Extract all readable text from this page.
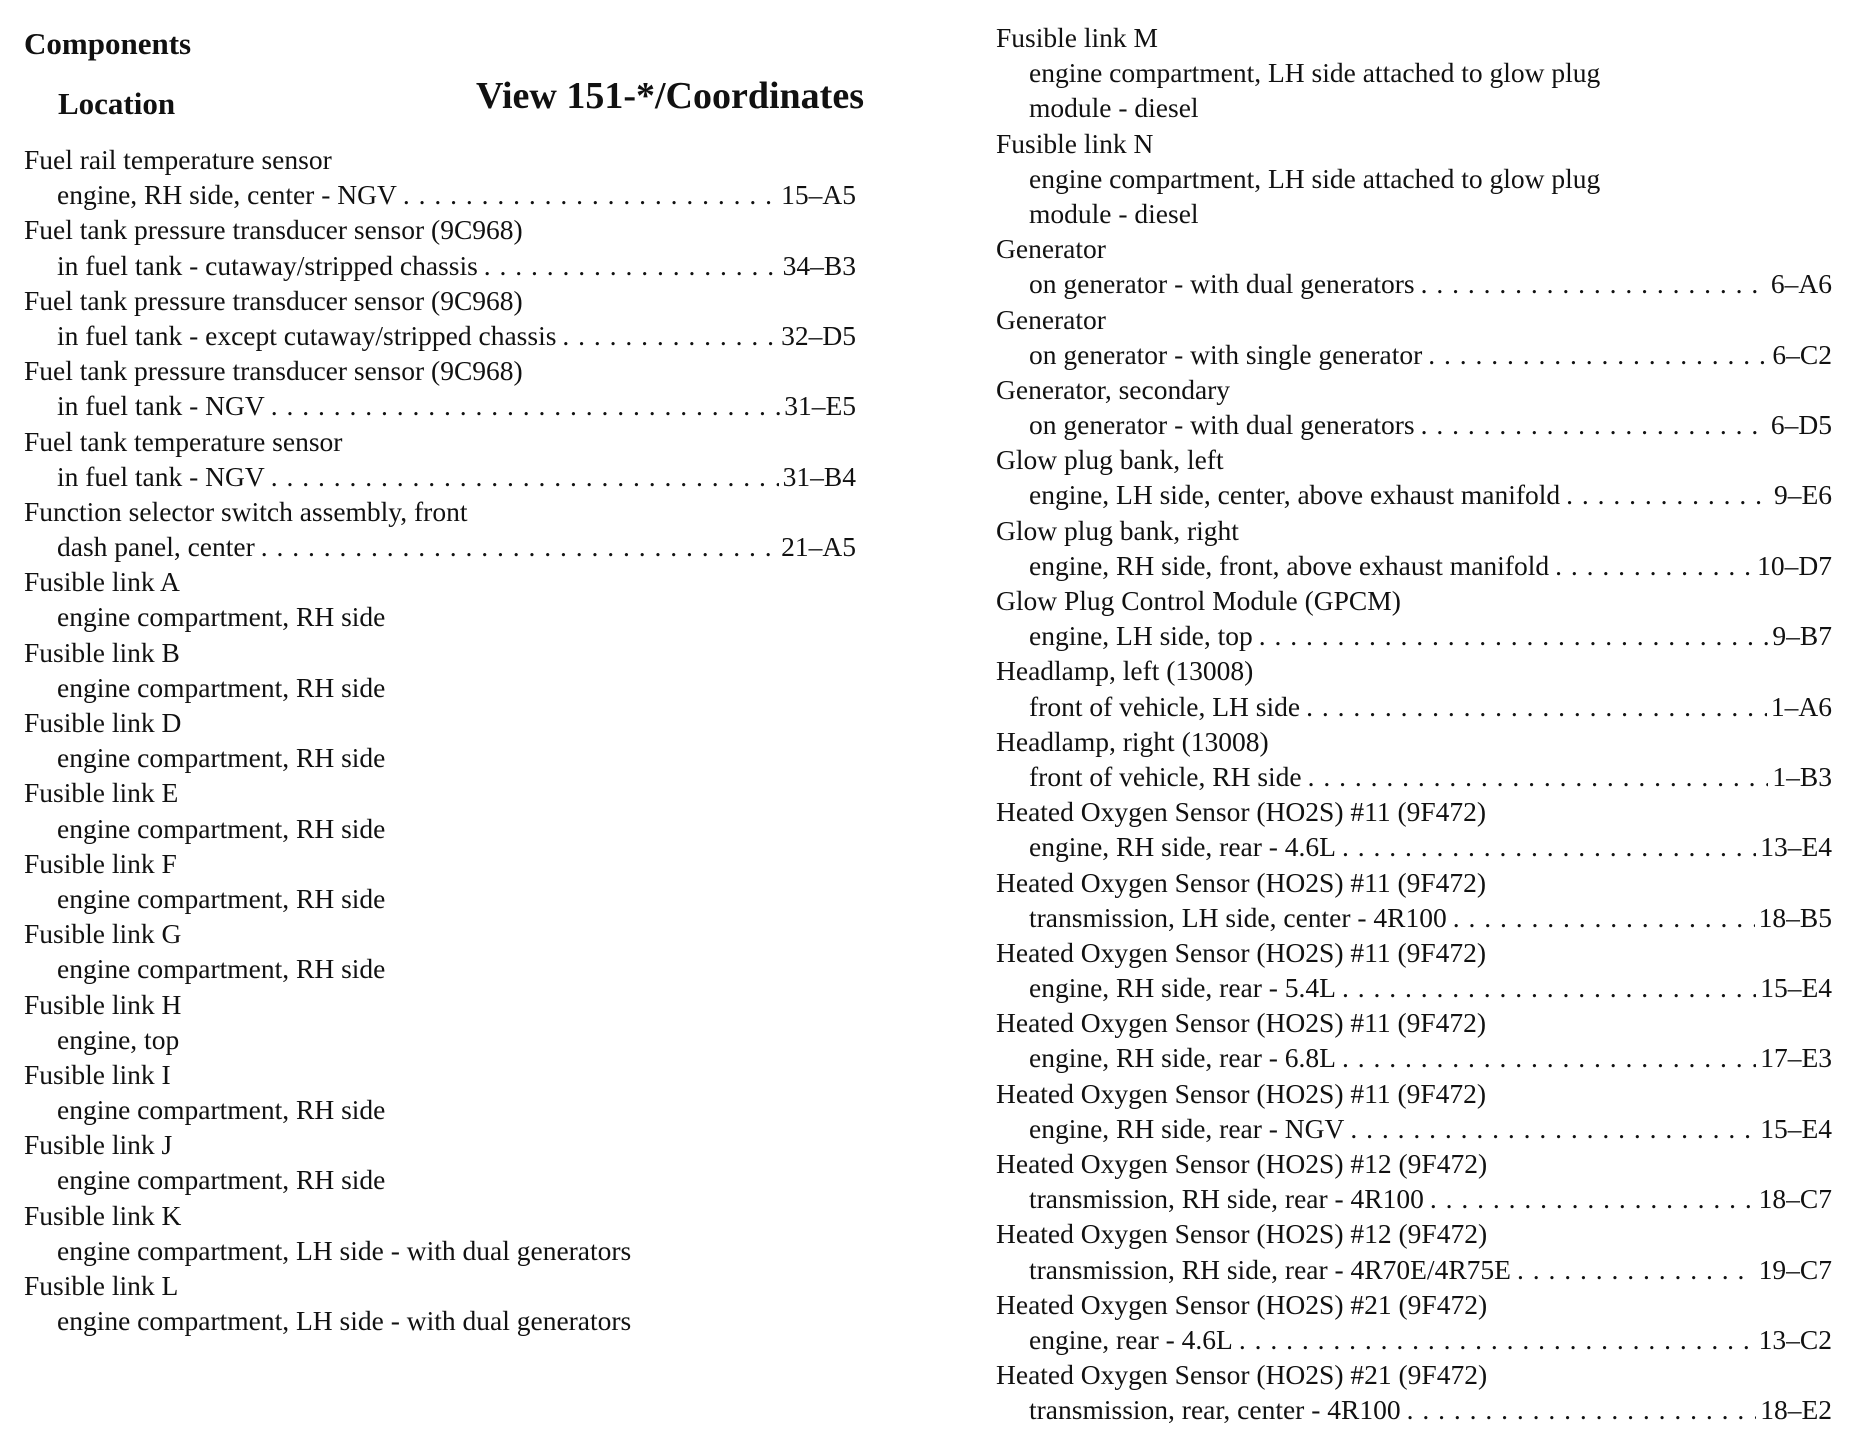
Components
Location	View 151-*/Coordinates
Fuel rail temperature sensor
engine, RH side, center - NGV . . .	15–A5
Fuel tank pressure transducer sensor (9C968)
in fuel tank - cutaway/stripped chassis . . .	34–B3
Fuel tank pressure transducer sensor (9C968)
in fuel tank - except cutaway/stripped chassis . . .	32–D5
Fuel tank pressure transducer sensor (9C968)
in fuel tank - NGV . . .	31–E5
Fuel tank temperature sensor
in fuel tank - NGV . . .	31–B4
Function selector switch assembly, front
dash panel, center . . .	21–A5
Fusible link A
engine compartment, RH side
Fusible link B
engine compartment, RH side
Fusible link D
engine compartment, RH side
Fusible link E
engine compartment, RH side
Fusible link F
engine compartment, RH side
Fusible link G
engine compartment, RH side
Fusible link H
engine, top
Fusible link I
engine compartment, RH side
Fusible link J
engine compartment, RH side
Fusible link K
engine compartment, LH side - with dual generators
Fusible link L
engine compartment, LH side - with dual generators
Fusible link M
engine compartment, LH side attached to glow plug
module - diesel
Fusible link N
engine compartment, LH side attached to glow plug
module - diesel
Generator
on generator - with dual generators . . .	6–A6
Generator
on generator - with single generator . . .	6–C2
Generator, secondary
on generator - with dual generators . . .	6–D5
Glow plug bank, left
engine, LH side, center, above exhaust manifold . . .	9–E6
Glow plug bank, right
engine, RH side, front, above exhaust manifold . . .	10–D7
Glow Plug Control Module (GPCM)
engine, LH side, top . . .	9–B7
Headlamp, left (13008)
front of vehicle, LH side . . .	1–A6
Headlamp, right (13008)
front of vehicle, RH side . . .	1–B3
Heated Oxygen Sensor (HO2S) #11 (9F472)
engine, RH side, rear - 4.6L . . .	13–E4
Heated Oxygen Sensor (HO2S) #11 (9F472)
transmission, LH side, center - 4R100 . . .	18–B5
Heated Oxygen Sensor (HO2S) #11 (9F472)
engine, RH side, rear - 5.4L . . .	15–E4
Heated Oxygen Sensor (HO2S) #11 (9F472)
engine, RH side, rear - 6.8L . . .	17–E3
Heated Oxygen Sensor (HO2S) #11 (9F472)
engine, RH side, rear - NGV . . .	15–E4
Heated Oxygen Sensor (HO2S) #12 (9F472)
transmission, RH side, rear - 4R100 . . .	18–C7
Heated Oxygen Sensor (HO2S) #12 (9F472)
transmission, RH side, rear - 4R70E/4R75E . . .	19–C7
Heated Oxygen Sensor (HO2S) #21 (9F472)
engine, rear - 4.6L . . .	13–C2
Heated Oxygen Sensor (HO2S) #21 (9F472)
transmission, rear, center - 4R100 . . .	18–E2
